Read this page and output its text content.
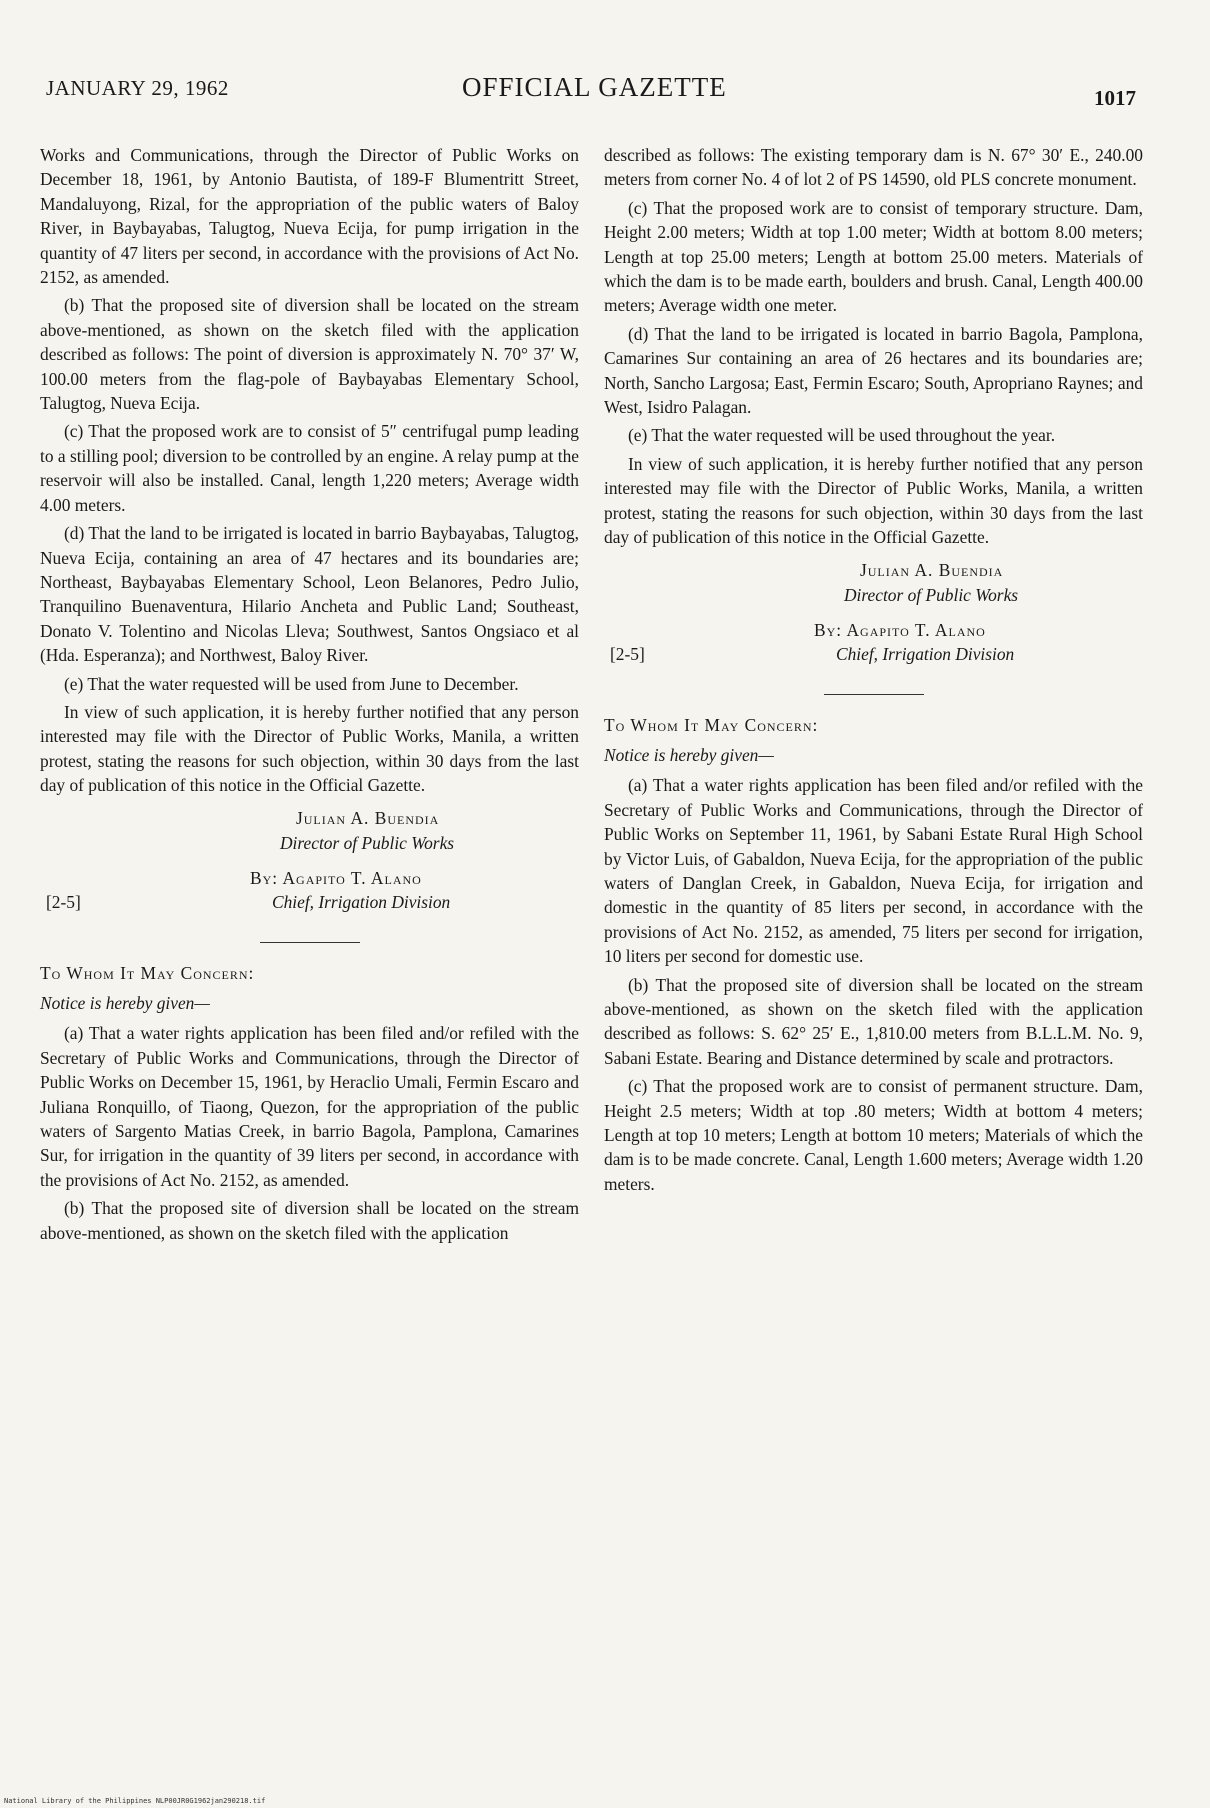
JANUARY 29, 1962	OFFICIAL GAZETTE	1017

Works and Communications, through the Director of Public Works on December 18, 1961, by Antonio Bautista, of 189-F Blumentritt Street, Mandaluyong, Rizal, for the appropriation of the public waters of Baloy River, in Baybayabas, Talugtog, Nueva Ecija, for pump irrigation in the quantity of 47 liters per second, in accordance with the provisions of Act No. 2152, as amended.

(b) That the proposed site of diversion shall be located on the stream above-mentioned, as shown on the sketch filed with the application described as follows: The point of diversion is approximately N. 70° 37′ W, 100.00 meters from the flag-pole of Baybayabas Elementary School, Talugtog, Nueva Ecija.

(c) That the proposed work are to consist of 5″ centrifugal pump leading to a stilling pool; diversion to be controlled by an engine. A relay pump at the reservoir will also be installed. Canal, length 1,220 meters; Average width 4.00 meters.

(d) That the land to be irrigated is located in barrio Baybayabas, Talugtog, Nueva Ecija, containing an area of 47 hectares and its boundaries are; Northeast, Baybayabas Elementary School, Leon Belanores, Pedro Julio, Tranquilino Buenaventura, Hilario Ancheta and Public Land; Southeast, Donato V. Tolentino and Nicolas Lleva; Southwest, Santos Ongsiaco et al (Hda. Esperanza); and Northwest, Baloy River.

(e) That the water requested will be used from June to December.

In view of such application, it is hereby further notified that any person interested may file with the Director of Public Works, Manila, a written protest, stating the reasons for such objection, within 30 days from the last day of publication of this notice in the Official Gazette.

Julian A. Buendia
Director of Public Works
By: Agapito T. Alano
Chief, Irrigation Division
[2-5]
To Whom It May Concern:
Notice is hereby given—

(a) That a water rights application has been filed and/or refiled with the Secretary of Public Works and Communications, through the Director of Public Works on December 15, 1961, by Heraclio Umali, Fermin Escaro and Juliana Ronquillo, of Tiaong, Quezon, for the appropriation of the public waters of Sargento Matias Creek, in barrio Bagola, Pamplona, Camarines Sur, for irrigation in the quantity of 39 liters per second, in accordance with the provisions of Act No. 2152, as amended.

(b) That the proposed site of diversion shall be located on the stream above-mentioned, as shown on the sketch filed with the application

described as follows: The existing temporary dam is N. 67° 30′ E., 240.00 meters from corner No. 4 of lot 2 of PS 14590, old PLS concrete monument.

(c) That the proposed work are to consist of temporary structure. Dam, Height 2.00 meters; Width at top 1.00 meter; Width at bottom 8.00 meters; Length at top 25.00 meters; Length at bottom 25.00 meters. Materials of which the dam is to be made earth, boulders and brush. Canal, Length 400.00 meters; Average width one meter.

(d) That the land to be irrigated is located in barrio Bagola, Pamplona, Camarines Sur containing an area of 26 hectares and its boundaries are; North, Sancho Largosa; East, Fermin Escaro; South, Apropriano Raynes; and West, Isidro Palagan.

(e) That the water requested will be used throughout the year.

In view of such application, it is hereby further notified that any person interested may file with the Director of Public Works, Manila, a written protest, stating the reasons for such objection, within 30 days from the last day of publication of this notice in the Official Gazette.

Julian A. Buendia
Director of Public Works
By: Agapito T. Alano
Chief, Irrigation Division
[2-5]
To Whom It May Concern:
Notice is hereby given—

(a) That a water rights application has been filed and/or refiled with the Secretary of Public Works and Communications, through the Director of Public Works on September 11, 1961, by Sabani Estate Rural High School by Victor Luis, of Gabaldon, Nueva Ecija, for the appropriation of the public waters of Danglan Creek, in Gabaldon, Nueva Ecija, for irrigation and domestic in the quantity of 85 liters per second, in accordance with the provisions of Act No. 2152, as amended, 75 liters per second for irrigation, 10 liters per second for domestic use.

(b) That the proposed site of diversion shall be located on the stream above-mentioned, as shown on the sketch filed with the application described as follows: S. 62° 25′ E., 1,810.00 meters from B.L.L.M. No. 9, Sabani Estate. Bearing and Distance determined by scale and protractors.

(c) That the proposed work are to consist of permanent structure. Dam, Height 2.5 meters; Width at top .80 meters; Width at bottom 4 meters; Length at top 10 meters; Length at bottom 10 meters; Materials of which the dam is to be made concrete. Canal, Length 1.600 meters; Average width 1.20 meters.

National Library of the Philippines NLP00JR0G1962jan290218.tif
